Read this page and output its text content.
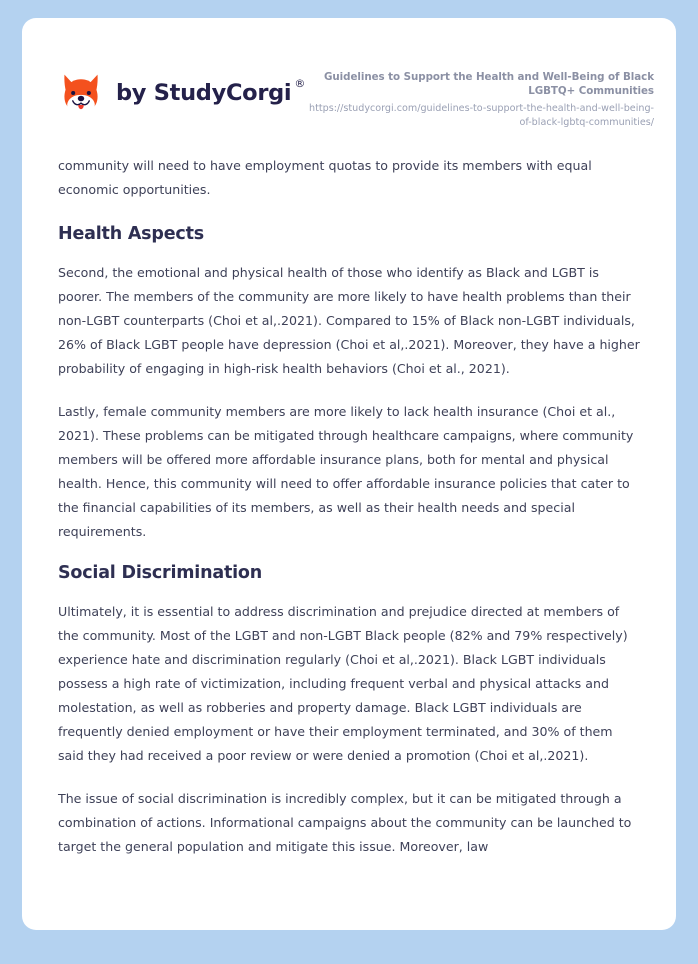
by StudyCorgi ®	Guidelines to Support the Health and Well-Being of Black LGBTQ+ Communities
https://studycorgi.com/guidelines-to-support-the-health-and-well-being-of-black-lgbtq-communities/

community will need to have employment quotas to provide its members with equal economic opportunities.

Health Aspects

Second, the emotional and physical health of those who identify as Black and LGBT is poorer. The members of the community are more likely to have health problems than their non-LGBT counterparts (Choi et al,.2021). Compared to 15% of Black non-LGBT individuals, 26% of Black LGBT people have depression (Choi et al,.2021). Moreover, they have a higher probability of engaging in high-risk health behaviors (Choi et al., 2021).

Lastly, female community members are more likely to lack health insurance (Choi et al., 2021). These problems can be mitigated through healthcare campaigns, where community members will be offered more affordable insurance plans, both for mental and physical health. Hence, this community will need to offer affordable insurance policies that cater to the financial capabilities of its members, as well as their health needs and special requirements.

Social Discrimination

Ultimately, it is essential to address discrimination and prejudice directed at members of the community. Most of the LGBT and non-LGBT Black people (82% and 79% respectively) experience hate and discrimination regularly (Choi et al,.2021). Black LGBT individuals possess a high rate of victimization, including frequent verbal and physical attacks and molestation, as well as robberies and property damage. Black LGBT individuals are frequently denied employment or have their employment terminated, and 30% of them said they had received a poor review or were denied a promotion (Choi et al,.2021).

The issue of social discrimination is incredibly complex, but it can be mitigated through a combination of actions. Informational campaigns about the community can be launched to target the general population and mitigate this issue. Moreover, law
